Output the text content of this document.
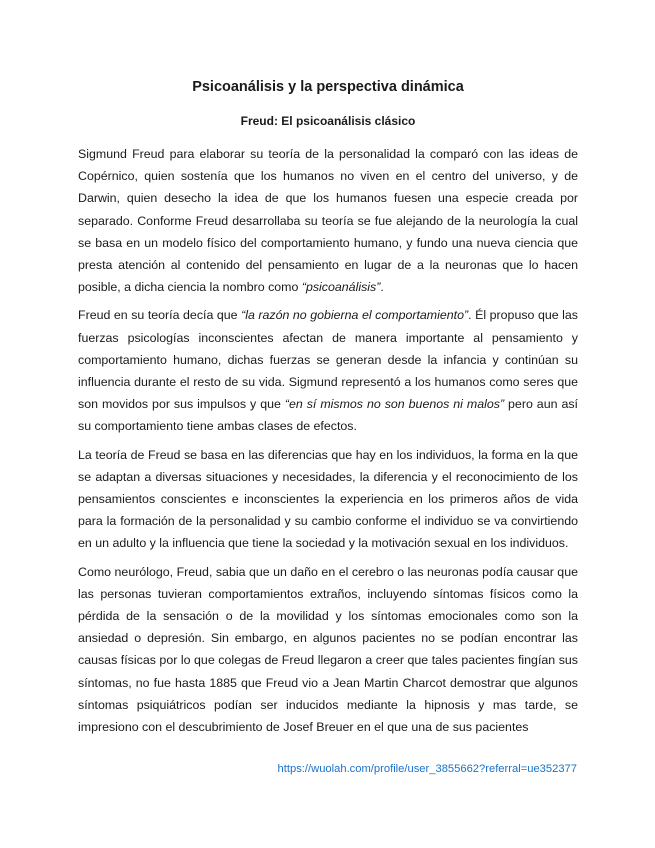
Psicoanálisis y la perspectiva dinámica
Freud: El psicoanálisis clásico

Sigmund Freud para elaborar su teoría de la personalidad la comparó con las ideas de Copérnico, quien sostenía que los humanos no viven en el centro del universo, y de Darwin, quien desecho la idea de que los humanos fuesen una especie creada por separado. Conforme Freud desarrollaba su teoría se fue alejando de la neurología la cual se basa en un modelo físico del comportamiento humano, y fundo una nueva ciencia que presta atención al contenido del pensamiento en lugar de a la neuronas que lo hacen posible, a dicha ciencia la nombro como “psicoanálisis”.

Freud en su teoría decía que “la razón no gobierna el comportamiento”. Él propuso que las fuerzas psicologías inconscientes afectan de manera importante al pensamiento y comportamiento humano, dichas fuerzas se generan desde la infancia y continúan su influencia durante el resto de su vida. Sigmund representó a los humanos como seres que son movidos por sus impulsos y que “en sí mismos no son buenos ni malos” pero aun así su comportamiento tiene ambas clases de efectos.

La teoría de Freud se basa en las diferencias que hay en los individuos, la forma en la que se adaptan a diversas situaciones y necesidades, la diferencia y el reconocimiento de los pensamientos conscientes e inconscientes la experiencia en los primeros años de vida para la formación de la personalidad y su cambio conforme el individuo se va convirtiendo en un adulto y la influencia que tiene la sociedad y la motivación sexual en los individuos.

Como neurólogo, Freud, sabia que un daño en el cerebro o las neuronas podía causar que las personas tuvieran comportamientos extraños, incluyendo síntomas físicos como la pérdida de la sensación o de la movilidad y los síntomas emocionales como son la ansiedad o depresión. Sin embargo, en algunos pacientes no se podían encontrar las causas físicas por lo que colegas de Freud llegaron a creer que tales pacientes fingían sus síntomas, no fue hasta 1885 que Freud vio a Jean Martin Charcot demostrar que algunos síntomas psiquiátricos podían ser inducidos mediante la hipnosis y mas tarde, se impresiono con el descubrimiento de Josef Breuer en el que una de sus pacientes

https://wuolah.com/profile/user_3855662?referral=ue352377
